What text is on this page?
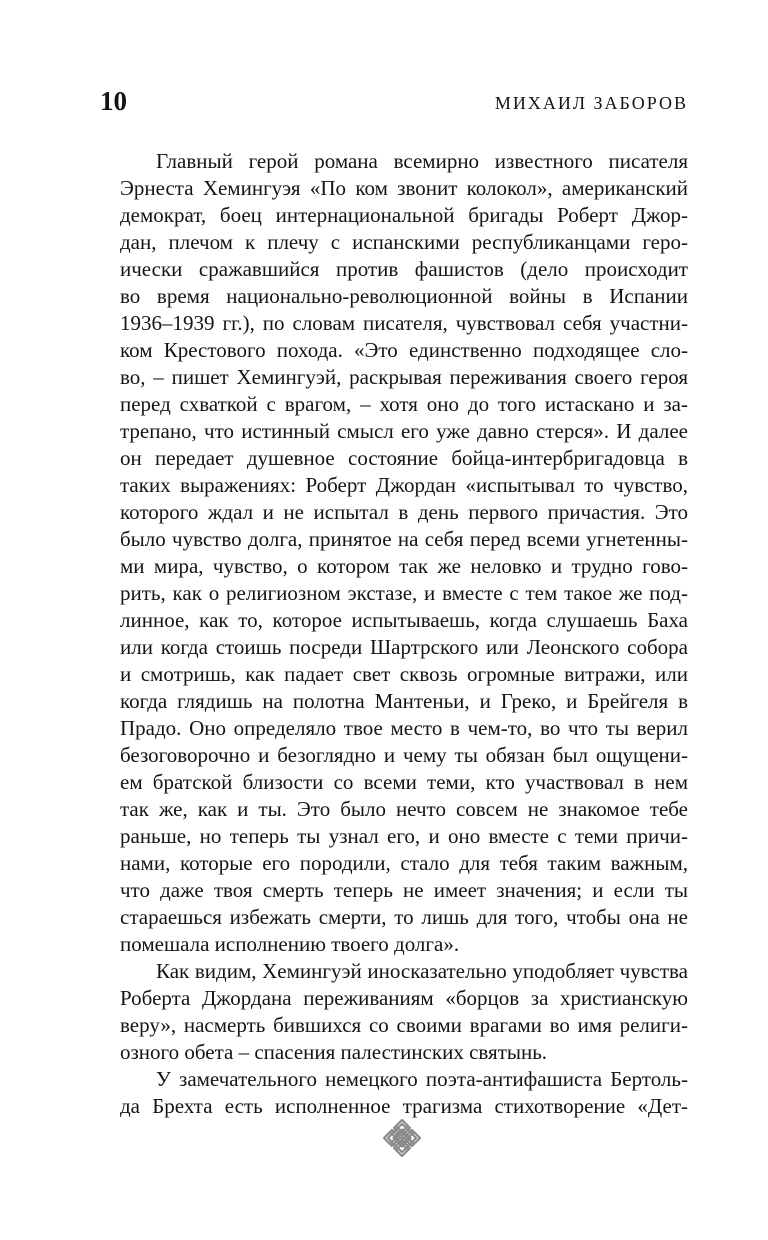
10	МИХАИЛ ЗАБОРОВ
Главный герой романа всемирно известного писателя
Эрнеста Хемингуэя «По ком звонит колокол», американский
демократ, боец интернациональной бригады Роберт Джор-
дан, плечом к плечу с испанскими республиканцами геро-
ически сражавшийся против фашистов (дело происходит
во время национально-революционной войны в Испании
1936–1939 гг.), по словам писателя, чувствовал себя участни-
ком Крестового похода. «Это единственно подходящее сло-
во, – пишет Хемингуэй, раскрывая переживания своего героя
перед схваткой с врагом, – хотя оно до того истаскано и за-
трепано, что истинный смысл его уже давно стерся». И далее
он передает душевное состояние бойца-интербригадовца в
таких выражениях: Роберт Джордан «испытывал то чувство,
которого ждал и не испытал в день первого причастия. Это
было чувство долга, принятое на себя перед всеми угнетенны-
ми мира, чувство, о котором так же неловко и трудно гово-
рить, как о религиозном экстазе, и вместе с тем такое же под-
линное, как то, которое испытываешь, когда слушаешь Баха
или когда стоишь посреди Шартрского или Леонского собора
и смотришь, как падает свет сквозь огромные витражи, или
когда глядишь на полотна Мантеньи, и Греко, и Брейгеля в
Прадо. Оно определяло твое место в чем-то, во что ты верил
безоговорочно и безоглядно и чему ты обязан был ощущени-
ем братской близости со всеми теми, кто участвовал в нем
так же, как и ты. Это было нечто совсем не знакомое тебе
раньше, но теперь ты узнал его, и оно вместе с теми причи-
нами, которые его породили, стало для тебя таким важным,
что даже твоя смерть теперь не имеет значения; и если ты
стараешься избежать смерти, то лишь для того, чтобы она не
помешала исполнению твоего долга».
Как видим, Хемингуэй иносказательно уподобляет чувства
Роберта Джордана переживаниям «борцов за христианскую
веру», насмерть бившихся со своими врагами во имя религи-
озного обета – спасения палестинских святынь.
У замечательного немецкого поэта-антифашиста Бертоль-
да Брехта есть исполненное трагизма стихотворение «Дет-
